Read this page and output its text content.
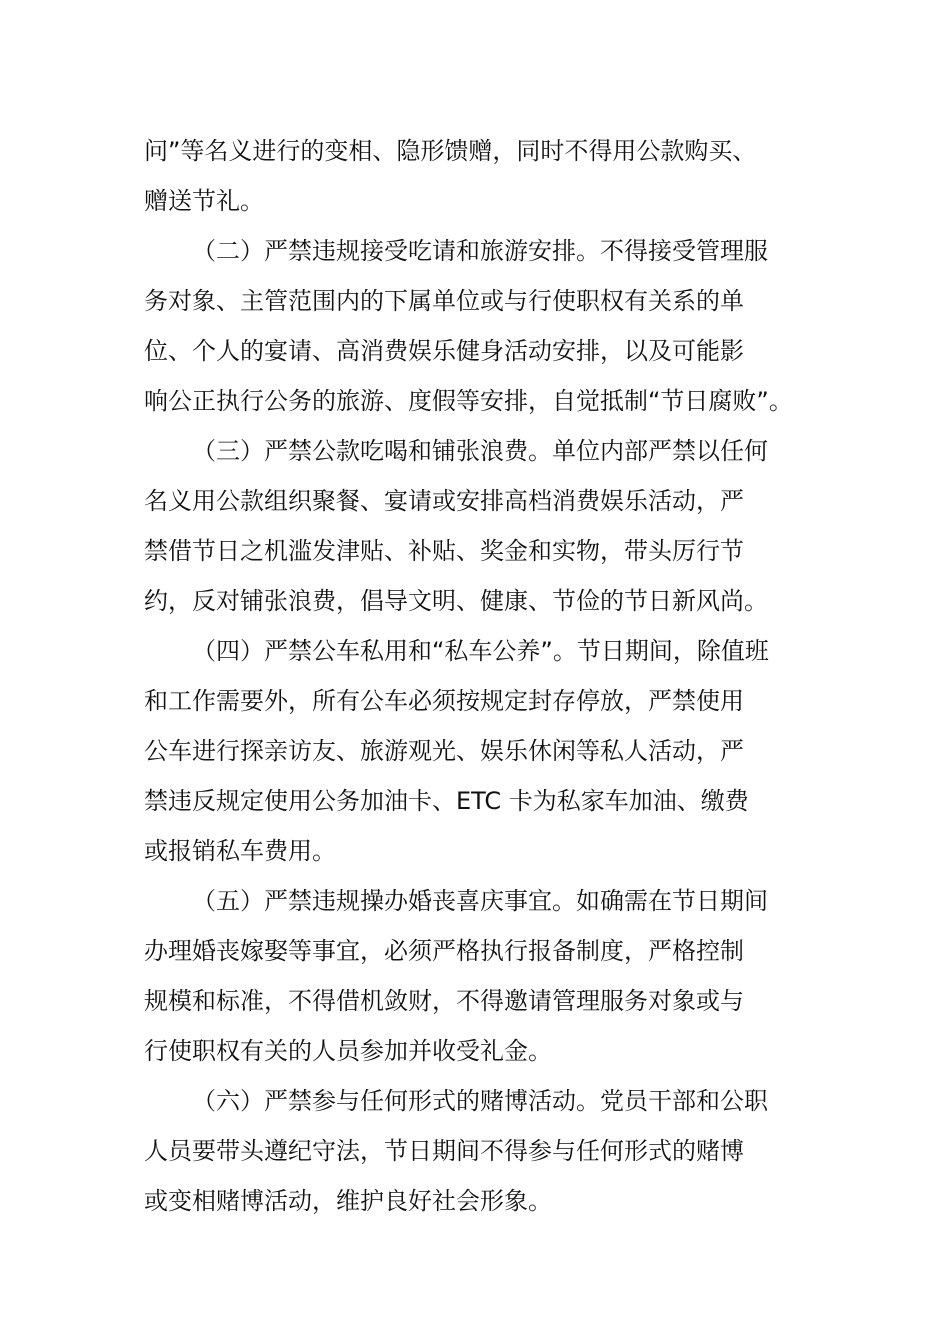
问”等名义进行的变相、隐形馈赠，同时不得用公款购买、
赠送节礼。
（二）严禁违规接受吃请和旅游安排。不得接受管理服
务对象、主管范围内的下属单位或与行使职权有关系的单
位、个人的宴请、高消费娱乐健身活动安排，以及可能影
响公正执行公务的旅游、度假等安排，自觉抵制“节日腐败”。
（三）严禁公款吃喝和铺张浪费。单位内部严禁以任何
名义用公款组织聚餐、宴请或安排高档消费娱乐活动，严
禁借节日之机滥发津贴、补贴、奖金和实物，带头厉行节
约，反对铺张浪费，倡导文明、健康、节俭的节日新风尚。
（四）严禁公车私用和“私车公养”。节日期间，除值班
和工作需要外，所有公车必须按规定封存停放，严禁使用
公车进行探亲访友、旅游观光、娱乐休闲等私人活动，严
禁违反规定使用公务加油卡、ETC 卡为私家车加油、缴费
或报销私车费用。
（五）严禁违规操办婚丧喜庆事宜。如确需在节日期间
办理婚丧嫁娶等事宜，必须严格执行报备制度，严格控制
规模和标准，不得借机敛财，不得邀请管理服务对象或与
行使职权有关的人员参加并收受礼金。
（六）严禁参与任何形式的赌博活动。党员干部和公职
人员要带头遵纪守法，节日期间不得参与任何形式的赌博
或变相赌博活动，维护良好社会形象。
